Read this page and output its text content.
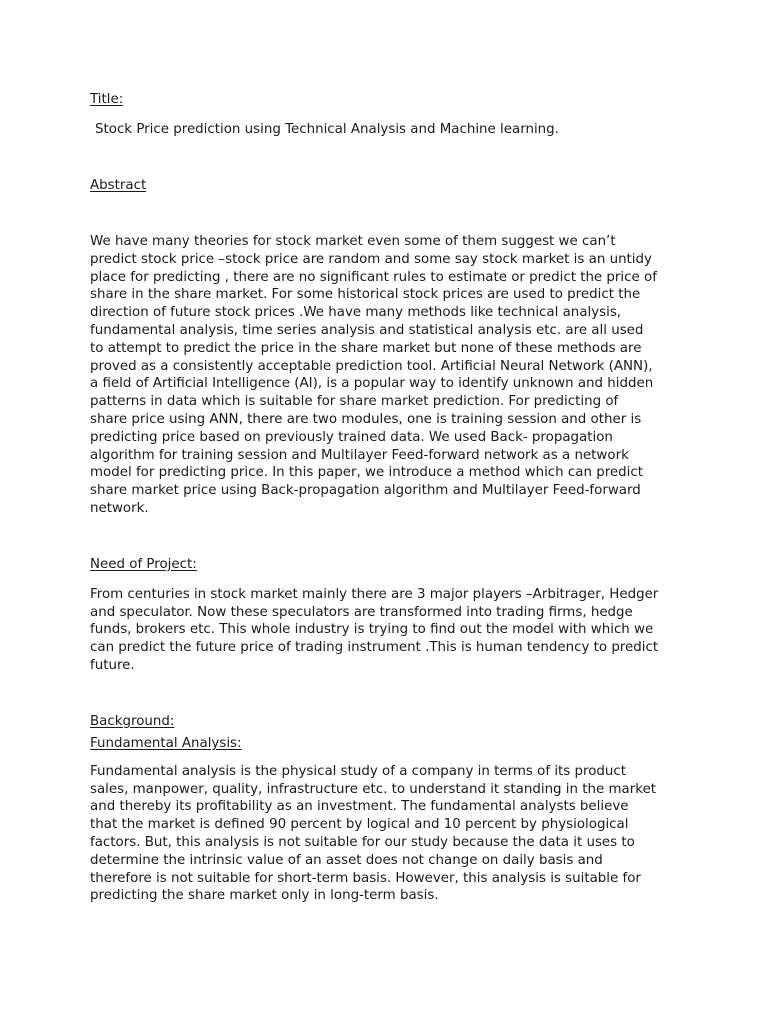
Title:
Stock Price prediction using Technical Analysis and Machine learning.
Abstract
We have many theories for stock market even some of them suggest we can’t
predict stock price –stock price are random and some say stock market is an untidy
place for predicting , there are no significant rules to estimate or predict the price of
share in the share market. For some historical stock prices are used to predict the
direction of future stock prices .We have many methods like technical analysis,
fundamental analysis, time series analysis and statistical analysis etc. are all used
to attempt to predict the price in the share market but none of these methods are
proved as a consistently acceptable prediction tool. Artificial Neural Network (ANN),
a field of Artificial Intelligence (AI), is a popular way to identify unknown and hidden
patterns in data which is suitable for share market prediction. For predicting of
share price using ANN, there are two modules, one is training session and other is
predicting price based on previously trained data. We used Back- propagation
algorithm for training session and Multilayer Feed-forward network as a network
model for predicting price. In this paper, we introduce a method which can predict
share market price using Back-propagation algorithm and Multilayer Feed-forward
network.
Need of Project:
From centuries in stock market mainly there are 3 major players –Arbitrager, Hedger
and speculator. Now these speculators are transformed into trading firms, hedge
funds, brokers etc. This whole industry is trying to find out the model with which we
can predict the future price of trading instrument .This is human tendency to predict
future.
Background:
Fundamental Analysis:
Fundamental analysis is the physical study of a company in terms of its product
sales, manpower, quality, infrastructure etc. to understand it standing in the market
and thereby its profitability as an investment. The fundamental analysts believe
that the market is defined 90 percent by logical and 10 percent by physiological
factors. But, this analysis is not suitable for our study because the data it uses to
determine the intrinsic value of an asset does not change on daily basis and
therefore is not suitable for short-term basis. However, this analysis is suitable for
predicting the share market only in long-term basis.
